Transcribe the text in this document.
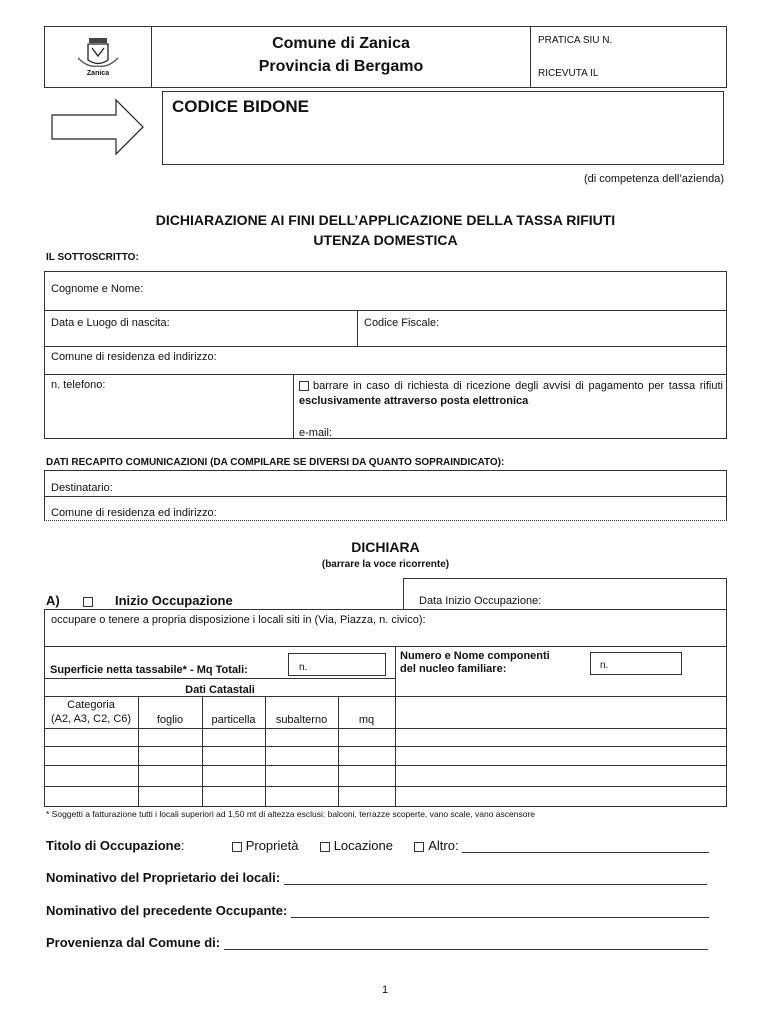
Zanica
Comune di Zanica
Provincia di Bergamo
PRATICA SIU N.
RICEVUTA IL
CODICE BIDONE
(di competenza dell’azienda)
DICHIARAZIONE AI FINI DELL’APPLICAZIONE DELLA TASSA RIFIUTI
UTENZA DOMESTICA
IL SOTTOSCRITTO:
Cognome e Nome:
Data e Luogo di nascita:	Codice Fiscale:
Comune di residenza ed indirizzo:
n. telefono:	barrare in caso di richiesta di ricezione degli avvisi di pagamento per tassa rifiuti esclusivamente attraverso posta elettronica
e-mail:
DATI RECAPITO COMUNICAZIONI (DA COMPILARE SE DIVERSI DA QUANTO SOPRAINDICATO):
Destinatario:
Comune di residenza ed indirizzo:
DICHIARA
(barrare la voce ricorrente)
A)	Inizio Occupazione	Data Inizio Occupazione:
occupare o tenere a propria disposizione i locali siti in (Via, Piazza, n. civico):
Superficie netta tassabile* - Mq Totali:	n.
Numero e Nome componenti
del nucleo familiare:	n.
Dati Catastali
Categoria
(A2, A3, C2, C6)	foglio	particella	subalterno	mq
* Soggetti a fatturazione tutti i locali superiori ad 1,50 mt di altezza esclusi: balconi, terrazze scoperte, vano scale, vano ascensore
Titolo di Occupazione:	Proprietà	Locazione	Altro:
Nominativo del Proprietario dei locali:
Nominativo del precedente Occupante:
Provenienza dal Comune di:
1
